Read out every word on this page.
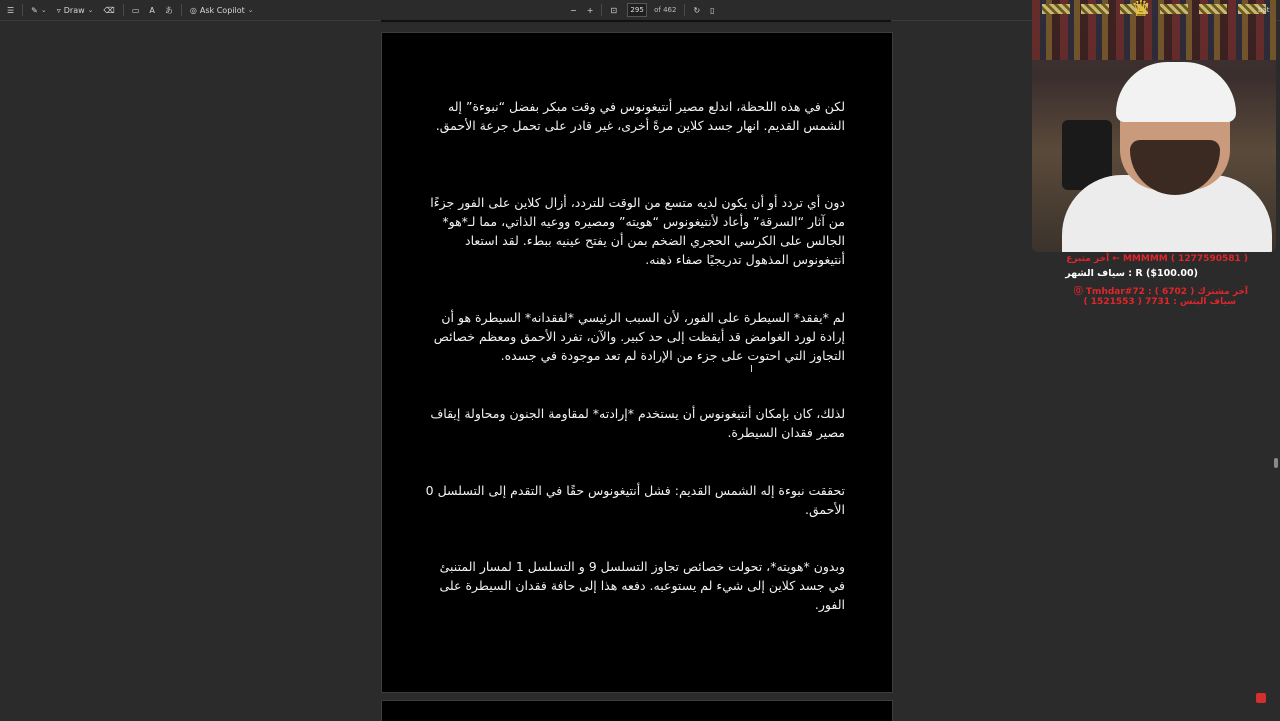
☰	✎ ⌄ ▿ Draw ⌄	⌫	▭	A	あ	◎ Ask Copilot ⌄	−	+	⊡	295	of 462	↻	▯
لكن في هذه اللحظة، اندلع مصير أنتيغونوس في وقت مبكر بفضل “نبوءة” إله الشمس القديم. انهار جسد كلاين مرةً أخرى، غير قادر على تحمل جرعة الأحمق.
دون أي تردد أو أن يكون لديه متسع من الوقت للتردد، أزال كلاين على الفور جزءًا من آثار “السرقة” وأعاد لأنتيغونوس “هويته” ومصيره ووعيه الذاتي، مما لـ*هو* الجالس على الكرسي الحجري الضخم بمن أن يفتح عينيه ببطء. لقد استعاد أنتيغونوس المذهول تدريجيًا صفاء ذهنه.
لم *يفقد* السيطرة على الفور، لأن السبب الرئيسي *لفقدانه* السيطرة هو أن إرادة لورد الغوامض قد أيقظت إلى حد كبير. والآن، تفرد الأحمق ومعظم خصائص التجاوز التي احتوت على جزء من الإرادة لم تعد موجودة في جسده.
لذلك، كان بإمكان أنتيغونوس أن يستخدم *إرادته* لمقاومة الجنون ومحاولة إيقاف مصير فقدان السيطرة.
تحققت نبوءة إله الشمس القديم: فشل أنتيغونوس حقًا في التقدم إلى التسلسل 0 الأحمق.
وبدون *هويته*، تحولت خصائص تجاوز التسلسل 9 و التسلسل 1 لمسار المتنبئ في جسد كلاين إلى شيء لم يستوعبه. دفعه هذا إلى حافة فقدان السيطرة على الفور.
I
♛	bat
MMMMM ( 1277590581 ) ← آخر متبرع
R ($100.00) : سياف الشهر
آخر مشترك ( 6702 ) : Tmhdar#72 ⓪
سياف البتس : 7731 ( 1521553 )
